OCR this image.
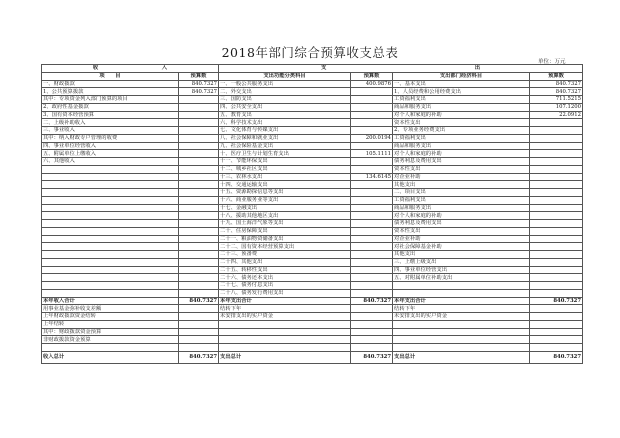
2018年部门综合预算收支总表
单位：万元
收　　　　　　　　　　　　 入		支　　　　　　　　　　　　　　　　　　　　　　　　　　　　 出			
项　　目	预算数	支出功能分类科目	预算数	支出部门经济科目	预算数
一、财政拨款	840.7327	一、一般公共服务支出	400.9876	一、基本支出	840.7327
1、公共预算拨款	840.7327	二、外交支出		1、人员经费和公用经费支出	840.7327
其中：专项资金列入部门预算的项目		三、国防支出		工资福利支出	711.5215
2、政府性基金拨款		四、公共安全支出		商品和服务支出	107.1200
3、国有资本经营预算		五、教育支出		对个人和家庭的补助	22.0912
二、上级补助收入		六、科学技术支出		资本性支出	
三、事业收入		七、文化体育与传媒支出		2、专项业务经费支出	
其中：纳入财政专户管理的收费		八、社会保障和就业支出	200.0194	工资福利支出	
四、事业单位经营收入		九、社会保险基金支出		商品和服务支出	
五、附属单位上缴收入		十、医疗卫生与计划生育支出	105.1111	对个人和家庭的补助	
六、其他收入		十一、节能环保支出		债务利息及费用支出	
		十二、城乡社区支出		资本性支出	
		十三、农林水支出	134.6145	对企业补助	
		十四、交通运输支出		其他支出	
		十五、资源勘探信息等支出		二、项目支出	
		十六、商业服务业等支出		工资福利支出	
		十七、金融支出		商品和服务支出	
		十八、援助其他地区支出		对个人和家庭的补助	
		十九、国土海洋气象等支出		债务利息及费用支出	
		二十、住房保障支出		资本性支出	
		二十一、粮油物资储备支出		对企业补助	
		二十二、国有资本经营预算支出		对社会保障基金补助	
		二十三、预备费		其他支出	
		二十四、其他支出		三、上缴上级支出	
		二十五、转移性支出		四、事业单位经营支出	
		二十六、债务还本支出		五、对附属单位补助支出	
		二十七、债务付息支出			
		二十八、债务发行费用支出			
本年收入合计	840.7327	本年支出合计	840.7327	本年支出合计	840.7327
用事业基金弥补收支差额		结转下年		结转下年	
上年财政拨款资金结转		未安排支出的实户资金		未安排支出的实户资金	
上年结转					
其中：财政拨款资金预算					
非财政拨款资金预算					

收入总计	840.7327	支出总计	840.7327	支出总计	840.7327
